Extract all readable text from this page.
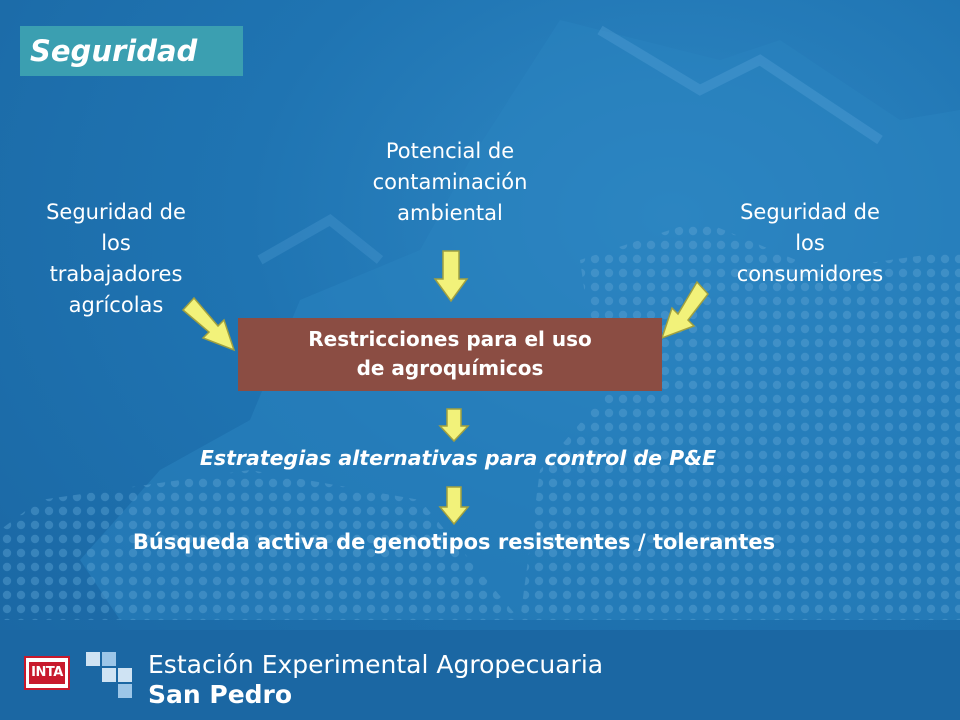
Seguridad
Potencial de
contaminación
ambiental
Seguridad de
los
trabajadores
agrícolas
Seguridad de
los
consumidores
Restricciones para el uso
de agroquímicos
Estrategias alternativas para control de P&E
Búsqueda activa de genotipos resistentes / tolerantes
INTA	Estación Experimental Agropecuaria
San Pedro
